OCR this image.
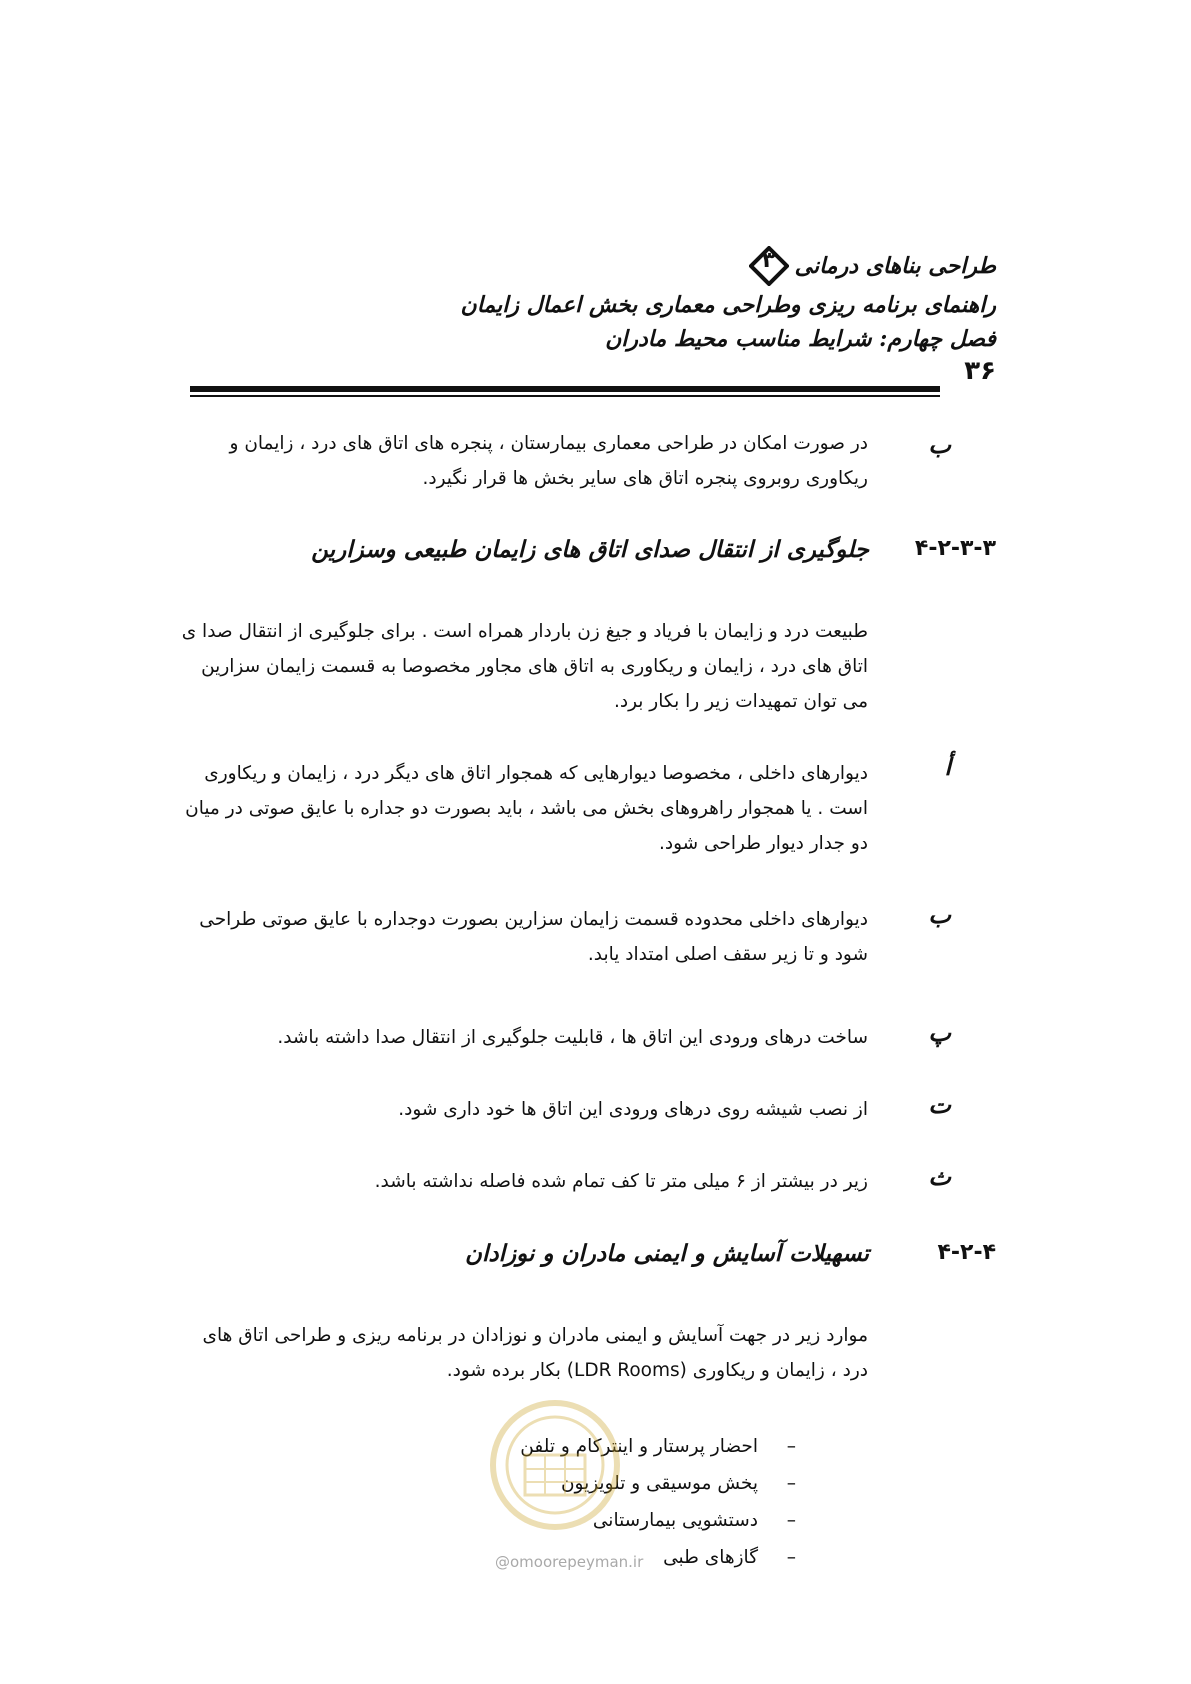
طراحی بناهای درمانی
۳
راهنمای برنامه ریزی وطراحی معماری بخش اعمال زایمان
فصل چهارم: شرایط مناسب محیط مادران
۳۶
ب
در صورت امکان در طراحی معماری بیمارستان ، پنجره های اتاق های درد ، زایمان و ریکاوری روبروی پنجره اتاق های سایر بخش ها قرار نگیرد.
۴-۲-۳-۳
جلوگیری از انتقال صدای اتاق های زایمان طبیعی وسزارین
طبیعت درد و زایمان با فریاد و جیغ زن باردار همراه است . برای جلوگیری از انتقال صدا ی اتاق های درد ، زایمان و ریکاوری به اتاق های مجاور مخصوصا به قسمت زایمان سزارین می توان تمهیدات زیر را بکار برد.
أ
دیوارهای داخلی ، مخصوصا دیوارهایی که همجوار اتاق های دیگر درد ، زایمان و ریکاوری است . یا همجوار راهروهای بخش می باشد ، باید بصورت دو جداره با عایق صوتی در میان دو جدار دیوار طراحی شود.
ب
دیوارهای داخلی محدوده قسمت زایمان سزارین بصورت دوجداره با عایق صوتی طراحی شود و تا زیر سقف اصلی امتداد یابد.
پ
ساخت درهای ورودی این اتاق ها ، قابلیت جلوگیری از انتقال صدا داشته باشد.
ت
از نصب شیشه روی درهای ورودی این اتاق ها خود داری شود.
ث
زیر در بیشتر از ۶ میلی متر تا کف تمام شده فاصله نداشته باشد.
۴-۲-۴
تسهیلات آسایش و ایمنی مادران و نوزادان
موارد زیر در جهت آسایش و ایمنی مادران و نوزادان در برنامه ریزی و طراحی اتاق های درد ، زایمان و ریکاوری (LDR Rooms) بکار برده شود.
–
احضار پرستار و اینترکام و تلفن
–
پخش موسیقی و تلویزیون
–
دستشویی بیمارستانی
–
گازهای طبی
@omoorepeyman.ir
